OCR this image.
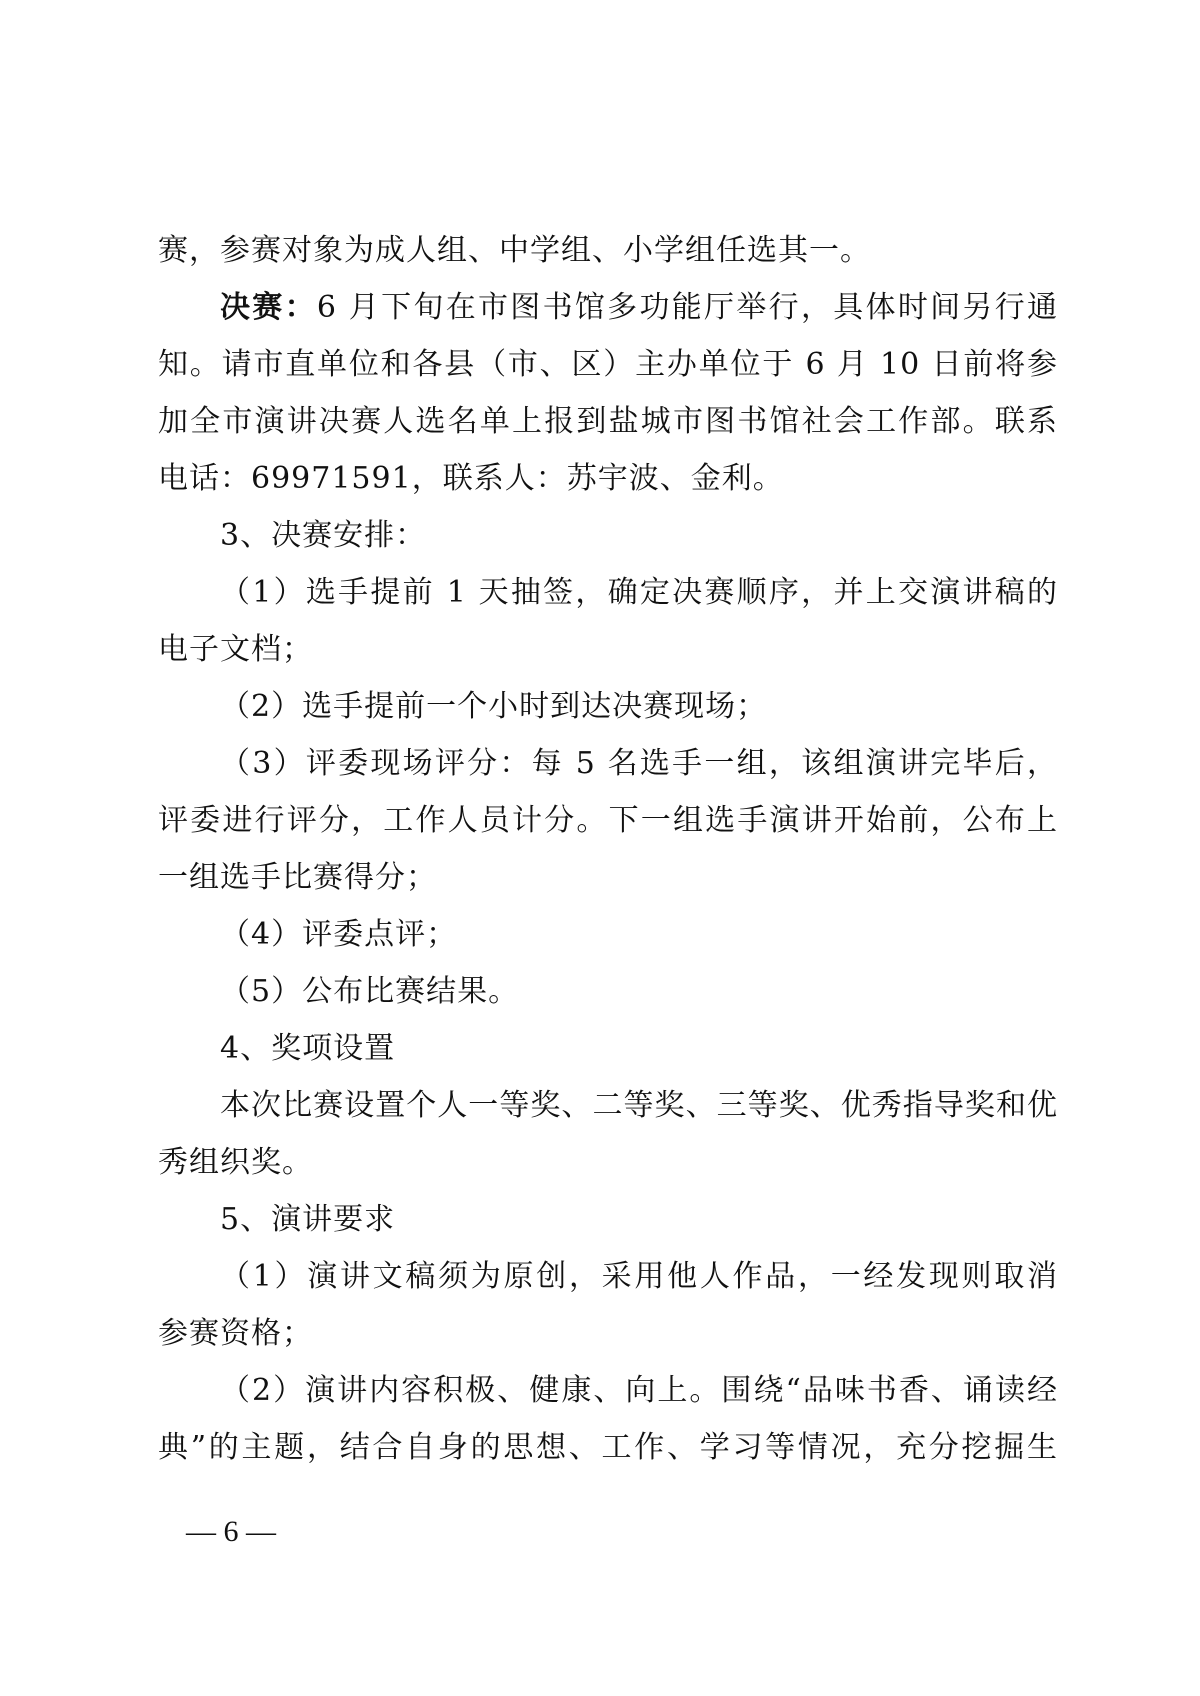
赛，参赛对象为成人组、中学组、小学组任选其一。
决赛：6 月下旬在市图书馆多功能厅举行，具体时间另行通
知。请市直单位和各县（市、区）主办单位于 6 月 10 日前将参
加全市演讲决赛人选名单上报到盐城市图书馆社会工作部。联系
电话：69971591，联系人：苏宇波、金利。
3、决赛安排：
（1）选手提前 1 天抽签，确定决赛顺序，并上交演讲稿的
电子文档；
（2）选手提前一个小时到达决赛现场；
（3）评委现场评分：每 5 名选手一组，该组演讲完毕后，
评委进行评分，工作人员计分。下一组选手演讲开始前，公布上
一组选手比赛得分；
（4）评委点评；
（5）公布比赛结果。
4、奖项设置
本次比赛设置个人一等奖、二等奖、三等奖、优秀指导奖和优
秀组织奖。
5、演讲要求
（1）演讲文稿须为原创，采用他人作品，一经发现则取消
参赛资格；
（2）演讲内容积极、健康、向上。围绕“品味书香、诵读经
典”的主题，结合自身的思想、工作、学习等情况，充分挖掘生
— 6 —
